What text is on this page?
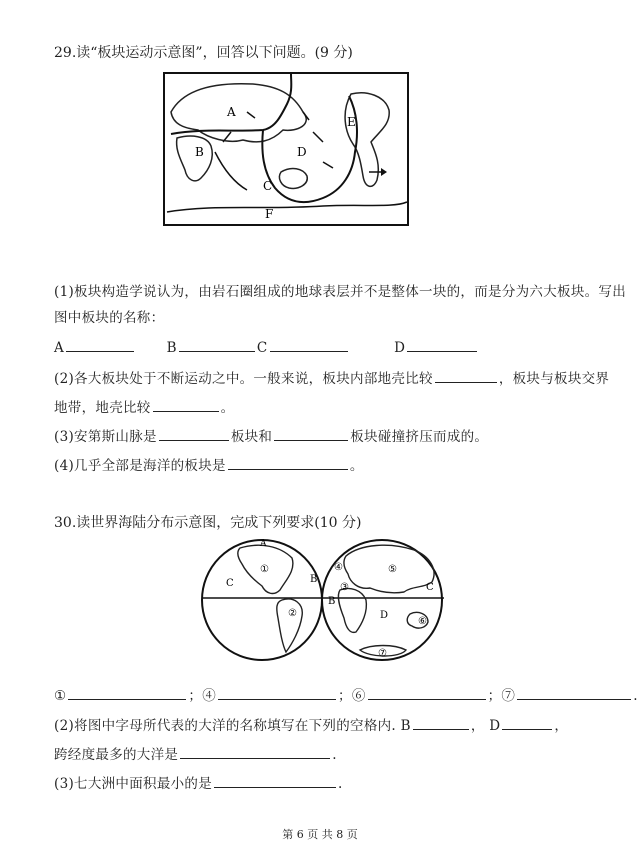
29.读“板块运动示意图”，回答以下问题。(9 分)
A
B
C
D
E
F
(1)板块构造学说认为，由岩石圈组成的地球表层并不是整体一块的，而是分为六大板块。写出
图中板块的名称：
A	B	C	D
(2)各大板块处于不断运动之中。一般来说，板块内部地壳比较	，板块与板块交界
地带，地壳比较	。
(3)安第斯山脉是	板块和	板块碰撞挤压而成的。
(4)几乎全部是海洋的板块是	。
30.读世界海陆分布示意图，完成下列要求(10 分)
A
①
C	B
②
④	⑤
③
B
C
D
⑥
⑦
①	；④	；⑥	；⑦	.
(2)将图中字母所代表的大洋的名称填写在下列的空格内. B	， D	，
跨经度最多的大洋是	.
(3)七大洲中面积最小的是	.
第 6 页 共 8 页
